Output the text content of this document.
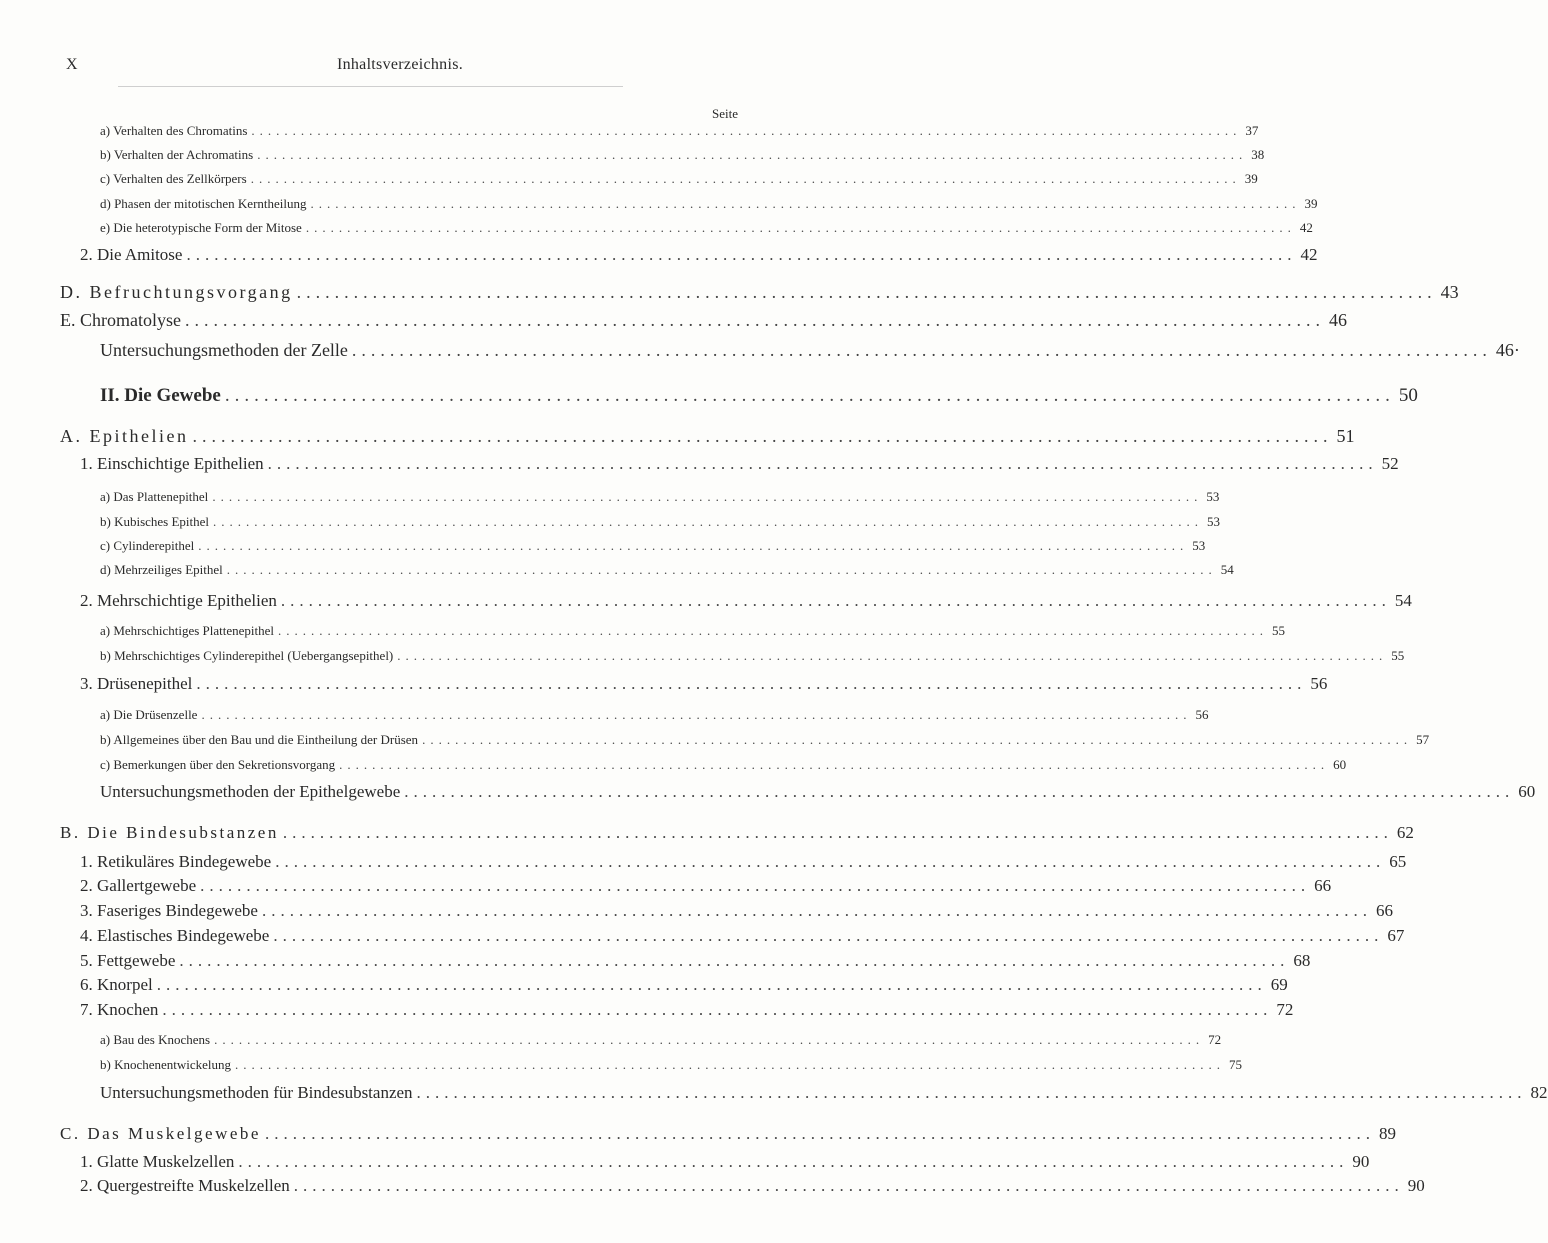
X	Inhaltsverzeichnis.
Seite
a) Verhalten des Chromatins ........................................................................................................................ 37
b) Verhalten der Achromatins ........................................................................................................................ 38
c) Verhalten des Zellkörpers ........................................................................................................................ 39
d) Phasen der mitotischen Kerntheilung ........................................................................................................................ 39
e) Die heterotypische Form der Mitose ........................................................................................................................ 42
2. Die Amitose ........................................................................................................................ 42
D. Befruchtungsvorgang ........................................................................................................................ 43
E. Chromatolyse ........................................................................................................................ 46
Untersuchungsmethoden der Zelle ........................................................................................................................ 46·
II. Die Gewebe ........................................................................................................................ 50
A. Epithelien ........................................................................................................................ 51
1. Einschichtige Epithelien ........................................................................................................................ 52
a) Das Plattenepithel ........................................................................................................................ 53
b) Kubisches Epithel ........................................................................................................................ 53
c) Cylinderepithel ........................................................................................................................ 53
d) Mehrzeiliges Epithel ........................................................................................................................ 54
2. Mehrschichtige Epithelien ........................................................................................................................ 54
a) Mehrschichtiges Plattenepithel ........................................................................................................................ 55
b) Mehrschichtiges Cylinderepithel (Uebergangsepithel) ........................................................................................................................ 55
3. Drüsenepithel ........................................................................................................................ 56
a) Die Drüsenzelle ........................................................................................................................ 56
b) Allgemeines über den Bau und die Eintheilung der Drüsen ........................................................................................................................ 57
c) Bemerkungen über den Sekretionsvorgang ........................................................................................................................ 60
Untersuchungsmethoden der Epithelgewebe ........................................................................................................................ 60
B. Die Bindesubstanzen ........................................................................................................................ 62
1. Retikuläres Bindegewebe ........................................................................................................................ 65
2. Gallertgewebe ........................................................................................................................ 66
3. Faseriges Bindegewebe ........................................................................................................................ 66
4. Elastisches Bindegewebe ........................................................................................................................ 67
5. Fettgewebe ........................................................................................................................ 68
6. Knorpel ........................................................................................................................ 69
7. Knochen ........................................................................................................................ 72
a) Bau des Knochens ........................................................................................................................ 72
b) Knochenentwickelung ........................................................................................................................ 75
Untersuchungsmethoden für Bindesubstanzen ........................................................................................................................ 82
C. Das Muskelgewebe ........................................................................................................................ 89
1. Glatte Muskelzellen ........................................................................................................................ 90
2. Quergestreifte Muskelzellen ........................................................................................................................ 90
